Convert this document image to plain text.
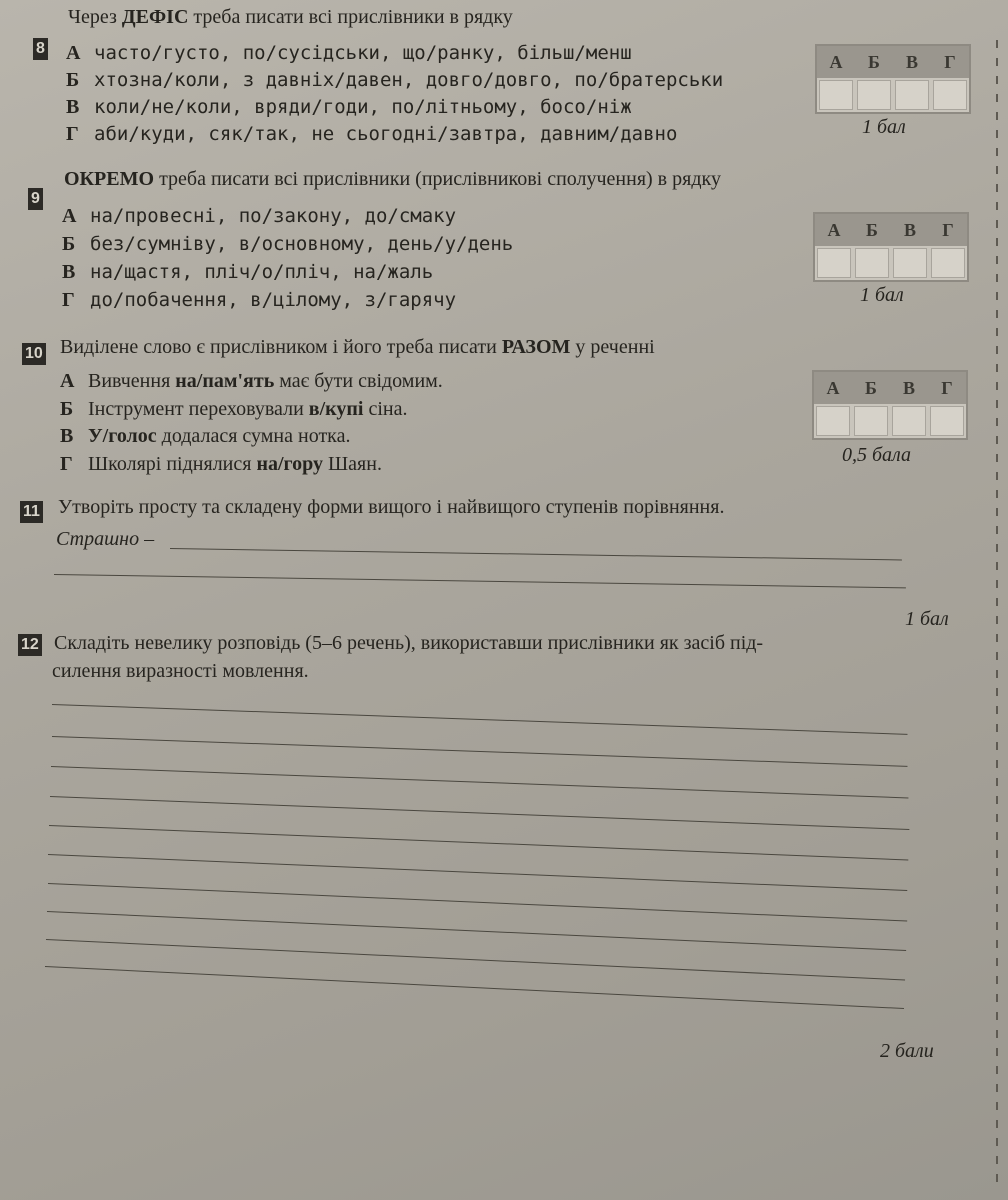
8
Через ДЕФІС треба писати всі прислівники в рядку
А часто/густо, по/сусідськи, що/ранку, більш/менш
Б хтозна/коли, з давніх/давен, довго/довго, по/братерськи
В коли/не/коли, вряди/годи, по/літньому, босо/ніж
Г аби/куди, сяк/так, не сьогодні/завтра, давним/давно
А	Б	В	Г
1 бал
9
ОКРЕМО треба писати всі прислівники (прислівникові сполучення) в рядку
А на/провесні, по/закону, до/смаку
Б без/сумніву, в/основному, день/у/день
В на/щастя, пліч/о/пліч, на/жаль
Г до/побачення, в/цілому, з/гарячу
А	Б	В	Г
1 бал
10 Виділене слово є прислівником і його треба писати РАЗОМ у реченні
А Вивчення на/пам'ять має бути свідомим.
Б Інструмент переховували в/купі сіна.
В У/голос додалася сумна нотка.
Г Школярі піднялися на/гору Шаян.
А	Б	В	Г
0,5 бала
11 Утворіть просту та складену форми вищого і найвищого ступенів порівняння.
Страшно –
1 бал
12 Складіть невелику розповідь (5–6 речень), використавши прислівники як засіб під-
силення виразності мовлення.
2 бали
